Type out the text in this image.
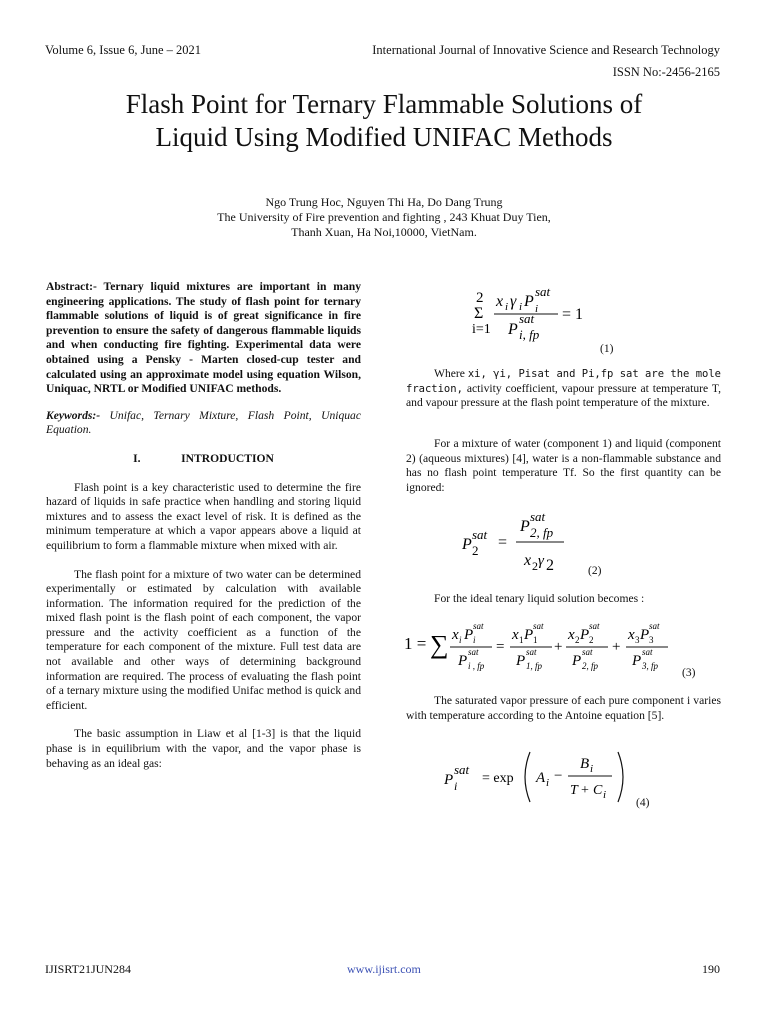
Volume 6, Issue 6, June – 2021	International Journal of Innovative Science and Research Technology
ISSN No:-2456-2165
Flash Point for Ternary Flammable Solutions of
Liquid Using Modified UNIFAC Methods
Ngo Trung Hoc, Nguyen Thi Ha, Do Dang Trung
The University of Fire prevention and fighting , 243 Khuat Duy Tien,
Thanh Xuan, Ha Noi,10000, VietNam.
Abstract:- Ternary liquid mixtures are important in many engineering applications. The study of flash point for ternary flammable solutions of liquid is of great significance in fire prevention to ensure the safety of dangerous flammable liquids and when conducting fire fighting. Experimental data were obtained using a Pensky - Marten closed-cup tester and calculated using an approximate model using equation Wilson, Uniquac, NRTL or Modified UNIFAC methods.
Keywords:- Unifac, Ternary Mixture, Flash Point, Uniquac Equation.
I.	INTRODUCTION

Flash point is a key characteristic used to determine the fire hazard of liquids in safe practice when handling and storing liquid mixtures and to assess the exact level of risk. It is defined as the minimum temperature at which a vapor appears above a liquid at equilibrium to form a flammable mixture when mixed with air.

The flash point for a mixture of two water can be determined experimentally or estimated by calculation with available information. The information required for the prediction of the mixed flash point is the flash point of each component, the vapor pressure and the activity coefficient as a function of the temperature for each component of the mixture. Full test data are not available and other ways of determining background information are required. The process of evaluating the flash point of a ternary mixture using the modified Unifac method is quick and efficient.

The basic assumption in Liaw et al [1-3] is that the liquid phase is in equilibrium with the vapor, and the vapor phase is behaving as an ideal gas:

2
Σ
i=1
x i γ i P
sat
i
P
sat
i, fp
= 1
(1)
Where xi, γi, Pisat and Pi,fp sat are the mole fraction, activity coefficient, vapour pressure at temperature T, and vapour pressure at the flash point temperature of the mixture.
For a mixture of water (component 1) and liquid (component 2) (aqueous mixtures) [4], water is a non-flammable substance and has no flash point temperature Tf. So the first quantity can be ignored:
P
sat
2 =
P
sat
2, fp
x 2 γ 2	(2)
For the ideal tenary liquid solution becomes :
1 = ∑ x i P
sat
i
P
sat
i , fp
=
x 1 P
sat
1
P
sat
1, fp
+
x 2 P
sat
2
P
sat
2, fp
+
x 3 P
sat
3
P
sat
3, fp
(3)
The saturated vapor pressure of each pure component i varies with temperature according to the Antoine equation [5].
P
sat
i = exp A i −
B i
T + C i
(4)
IJISRT21JUN284	www.ijisrt.com	190
